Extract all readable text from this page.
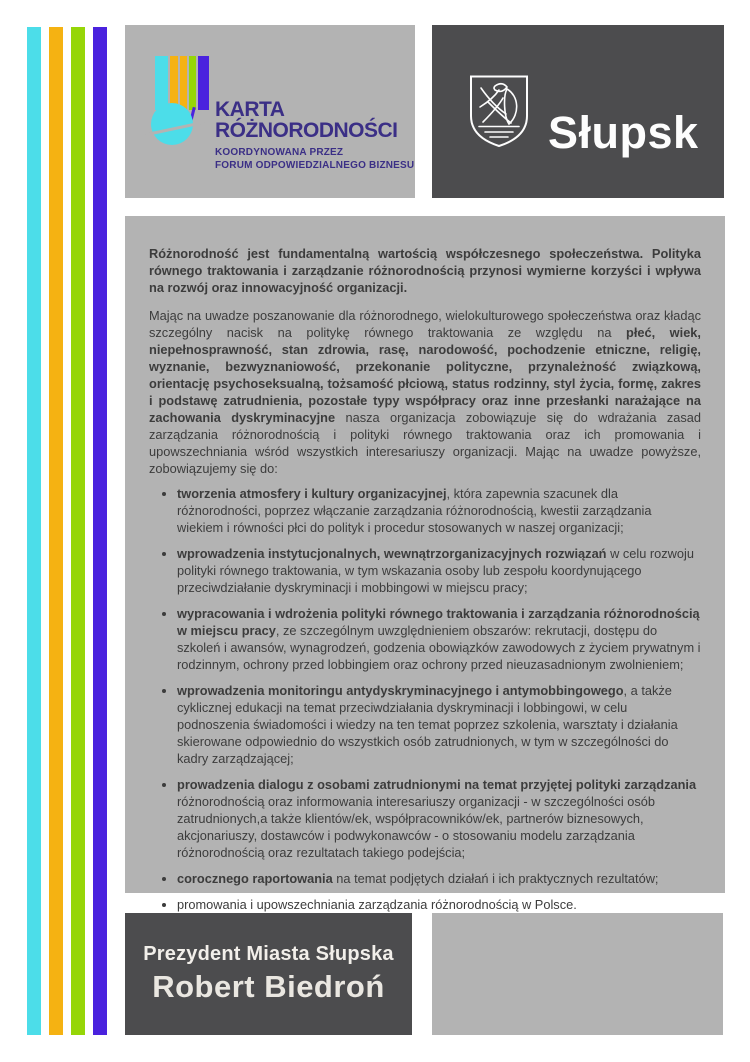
KARTA
RÓŻNORODNOŚCI
KOORDYNOWANA PRZEZ
FORUM ODPOWIEDZIALNEGO BIZNESU
Słupsk

Różnorodność jest fundamentalną wartością współczesnego społeczeństwa. Polityka równego traktowania i zarządzanie różnorodnością przynosi wymierne korzyści i wpływa na rozwój oraz innowacyjność organizacji.

Mając na uwadze poszanowanie dla różnorodnego, wielokulturowego społeczeństwa oraz kładąc szczególny nacisk na politykę równego traktowania ze względu na płeć, wiek, niepełnosprawność, stan zdrowia, rasę, narodowość, pochodzenie etniczne, religię, wyznanie, bezwyznaniowość, przekonanie polityczne, przynależność związkową, orientację psychoseksualną, tożsamość płciową, status rodzinny, styl życia, formę, zakres i podstawę zatrudnienia, pozostałe typy współpracy oraz inne przesłanki narażające na zachowania dyskryminacyjne nasza organizacja zobowiązuje się do wdrażania zasad zarządzania różnorodnością i polityki równego traktowania oraz ich promowania i upowszechniania wśród wszystkich interesariuszy organizacji. Mając na uwadze powyższe, zobowiązujemy się do:

• tworzenia atmosfery i kultury organizacyjnej, która zapewnia szacunek dla różnorodności, poprzez włączanie zarządzania różnorodnością, kwestii zarządzania wiekiem i równości płci do polityk i procedur stosowanych w naszej organizacji;
• wprowadzenia instytucjonalnych, wewnątrzorganizacyjnych rozwiązań w celu rozwoju polityki równego traktowania, w tym wskazania osoby lub zespołu koordynującego przeciwdziałanie dyskryminacji i mobbingowi w miejscu pracy;
• wypracowania i wdrożenia polityki równego traktowania i zarządzania różnorodnością w miejscu pracy, ze szczególnym uwzględnieniem obszarów: rekrutacji, dostępu do szkoleń i awansów, wynagrodzeń, godzenia obowiązków zawodowych z życiem prywatnym i rodzinnym, ochrony przed lobbingiem oraz ochrony przed nieuzasadnionym zwolnieniem;
• wprowadzenia monitoringu antydyskryminacyjnego i antymobbingowego, a także cyklicznej edukacji na temat przeciwdziałania dyskryminacji i lobbingowi, w celu podnoszenia świadomości i wiedzy na ten temat poprzez szkolenia, warsztaty i działania skierowane odpowiednio do wszystkich osób zatrudnionych, w tym w szczególności do kadry zarządzającej;
• prowadzenia dialogu z osobami zatrudnionymi na temat przyjętej polityki zarządzania różnorodnością oraz informowania interesariuszy organizacji - w szczególności osób zatrudnionych,a także klientów/ek, współpracowników/ek, partnerów biznesowych, akcjonariuszy, dostawców i podwykonawców - o stosowaniu modelu zarządzania różnorodnością oraz rezultatach takiego podejścia;
• corocznego raportowania na temat podjętych działań i ich praktycznych rezultatów;
• promowania i upowszechniania zarządzania różnorodnością w Polsce.
Prezydent Miasta Słupska
Robert Biedroń
